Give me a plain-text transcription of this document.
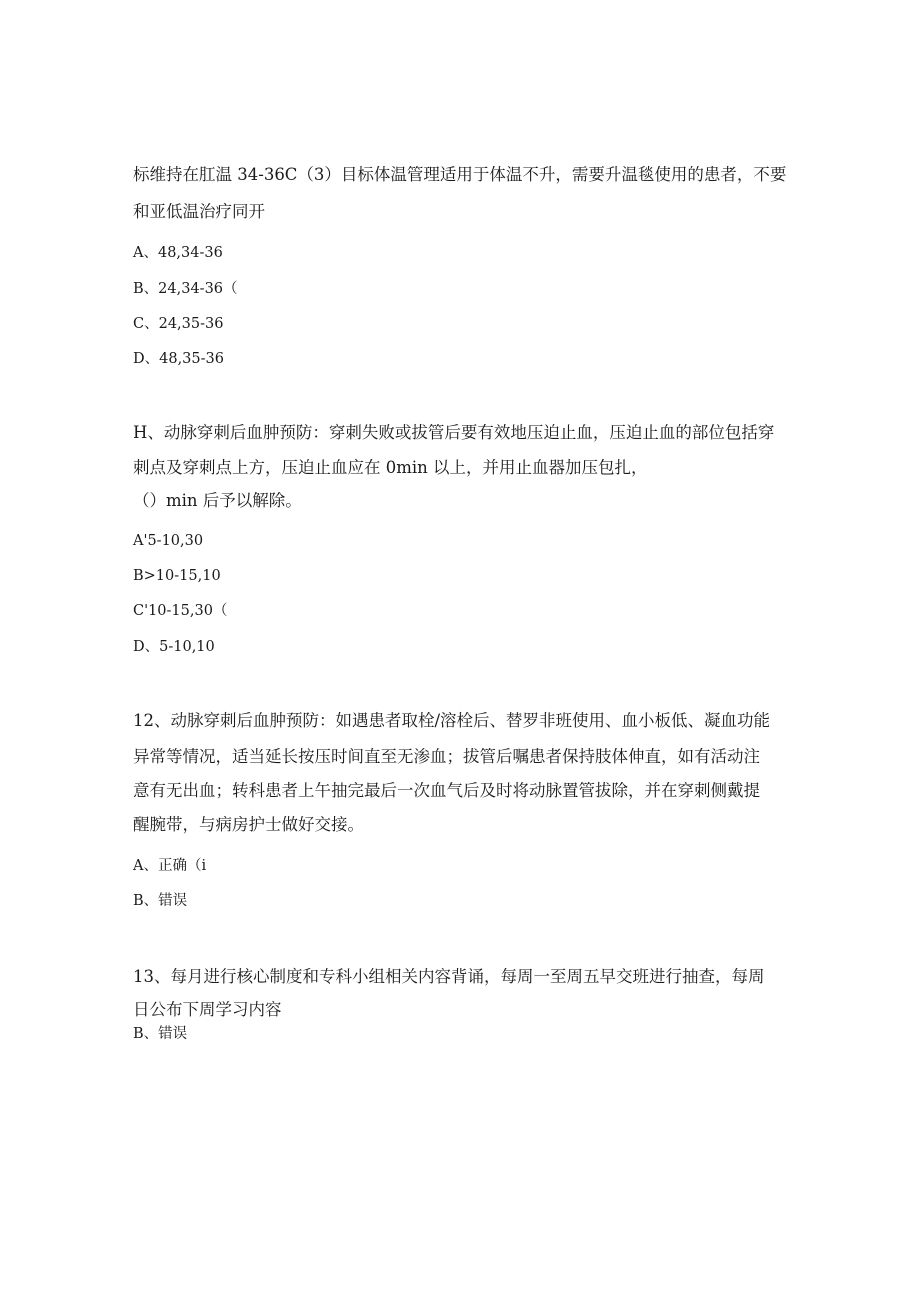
标维持在肛温 34-36C（3）目标体温管理适用于体温不升，需要升温毯使用的患者，不要

和亚低温治疗同开

A、48,34-36

B、24,34-36（

C、24,35-36

D、48,35-36

H、动脉穿刺后血肿预防：穿刺失败或拔管后要有效地压迫止血，压迫止血的部位包括穿

刺点及穿刺点上方，压迫止血应在 0min 以上，并用止血器加压包扎，

（）min 后予以解除。

A'5-10,30

B>10-15,10

C'10-15,30（

D、5-10,10

12、动脉穿刺后血肿预防：如遇患者取栓/溶栓后、替罗非班使用、血小板低、凝血功能

异常等情况，适当延长按压时间直至无渗血；拔管后嘱患者保持肢体伸直，如有活动注

意有无出血；转科患者上午抽完最后一次血气后及时将动脉置管拔除，并在穿刺侧戴提

醒腕带，与病房护士做好交接。

A、正确（i

B、错误

13、每月进行核心制度和专科小组相关内容背诵，每周一至周五早交班进行抽查，每周

日公布下周学习内容

B、错误
